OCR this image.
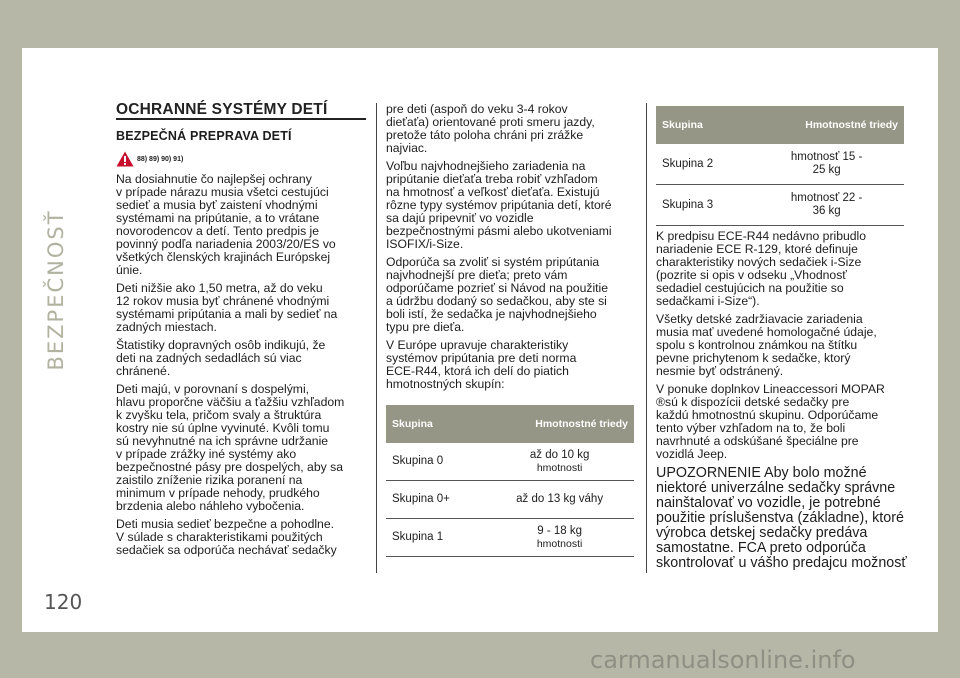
BEZPEČNOSŤ
120
carmanualsonline.info
OCHRANNÉ SYSTÉMY DETÍ
BEZPEČNÁ PREPRAVA DETÍ
88) 89) 90) 91)

Na dosiahnutie čo najlepšej ochrany
v prípade nárazu musia všetci cestujúci
sedieť a musia byť zaistení vhodnými
systémami na pripútanie, a to vrátane
novorodencov a detí. Tento predpis je
povinný podľa nariadenia 2003/20/ES vo
všetkých členských krajinách Európskej
únie.

Deti nižšie ako 1,50 metra, až do veku
12 rokov musia byť chránené vhodnými
systémami pripútania a mali by sedieť na
zadných miestach.

Štatistiky dopravných osôb indikujú, že
deti na zadných sedadlách sú viac
chránené.

Deti majú, v porovnaní s dospelými,
hlavu proporčne väčšiu a ťažšiu vzhľadom
k zvyšku tela, pričom svaly a štruktúra
kostry nie sú úplne vyvinuté. Kvôli tomu
sú nevyhnutné na ich správne udržanie
v prípade zrážky iné systémy ako
bezpečnostné pásy pre dospelých, aby sa
zaistilo zníženie rizika poranení na
minimum v prípade nehody, prudkého
brzdenia alebo náhleho vybočenia.

Deti musia sedieť bezpečne a pohodlne.
V súlade s charakteristikami použitých
sedačiek sa odporúča nechávať sedačky

pre deti (aspoň do veku 3-4 rokov
dieťaťa) orientované proti smeru jazdy,
pretože táto poloha chráni pri zrážke
najviac.

Voľbu najvhodnejšieho zariadenia na
pripútanie dieťaťa treba robiť vzhľadom
na hmotnosť a veľkosť dieťaťa. Existujú
rôzne typy systémov pripútania detí, ktoré
sa dajú pripevniť vo vozidle
bezpečnostnými pásmi alebo ukotveniami
ISOFIX/i-Size.

Odporúča sa zvoliť si systém pripútania
najvhodnejší pre dieťa; preto vám
odporúčame pozrieť si Návod na použitie
a údržbu dodaný so sedačkou, aby ste si
boli istí, že sedačka je najvhodnejšieho
typu pre dieťa.

V Európe upravuje charakteristiky
systémov pripútania pre deti norma
ECE-R44, ktorá ich delí do piatich
hmotnostných skupín:

Skupina	Hmotnostné triedy
Skupina 0	až do 10 kg
hmotnosti
Skupina 0+	až do 13 kg váhy
Skupina 1	9 - 18 kg
hmotnosti
Skupina	Hmotnostné triedy
Skupina 2	hmotnosť 15 -
25 kg
Skupina 3	hmotnosť 22 -
36 kg

K predpisu ECE-R44 nedávno pribudlo
nariadenie ECE R-129, ktoré definuje
charakteristiky nových sedačiek i-Size
(pozrite si opis v odseku „Vhodnosť
sedadiel cestujúcich na použitie so
sedačkami i-Size“).

Všetky detské zadržiavacie zariadenia
musia mať uvedené homologačné údaje,
spolu s kontrolnou známkou na štítku
pevne prichytenom k sedačke, ktorý
nesmie byť odstránený.

V ponuke doplnkov Lineaccessori MOPAR
®sú k dispozícii detské sedačky pre
každú hmotnostnú skupinu. Odporúčame
tento výber vzhľadom na to, že boli
navrhnuté a odskúšané špeciálne pre
vozidlá Jeep.

UPOZORNENIE Aby bolo možné
niektoré univerzálne sedačky správne
nainštalovať vo vozidle, je potrebné
použitie príslušenstva (základne), ktoré
výrobca detskej sedačky predáva
samostatne. FCA preto odporúča
skontrolovať u vášho predajcu možnosť
